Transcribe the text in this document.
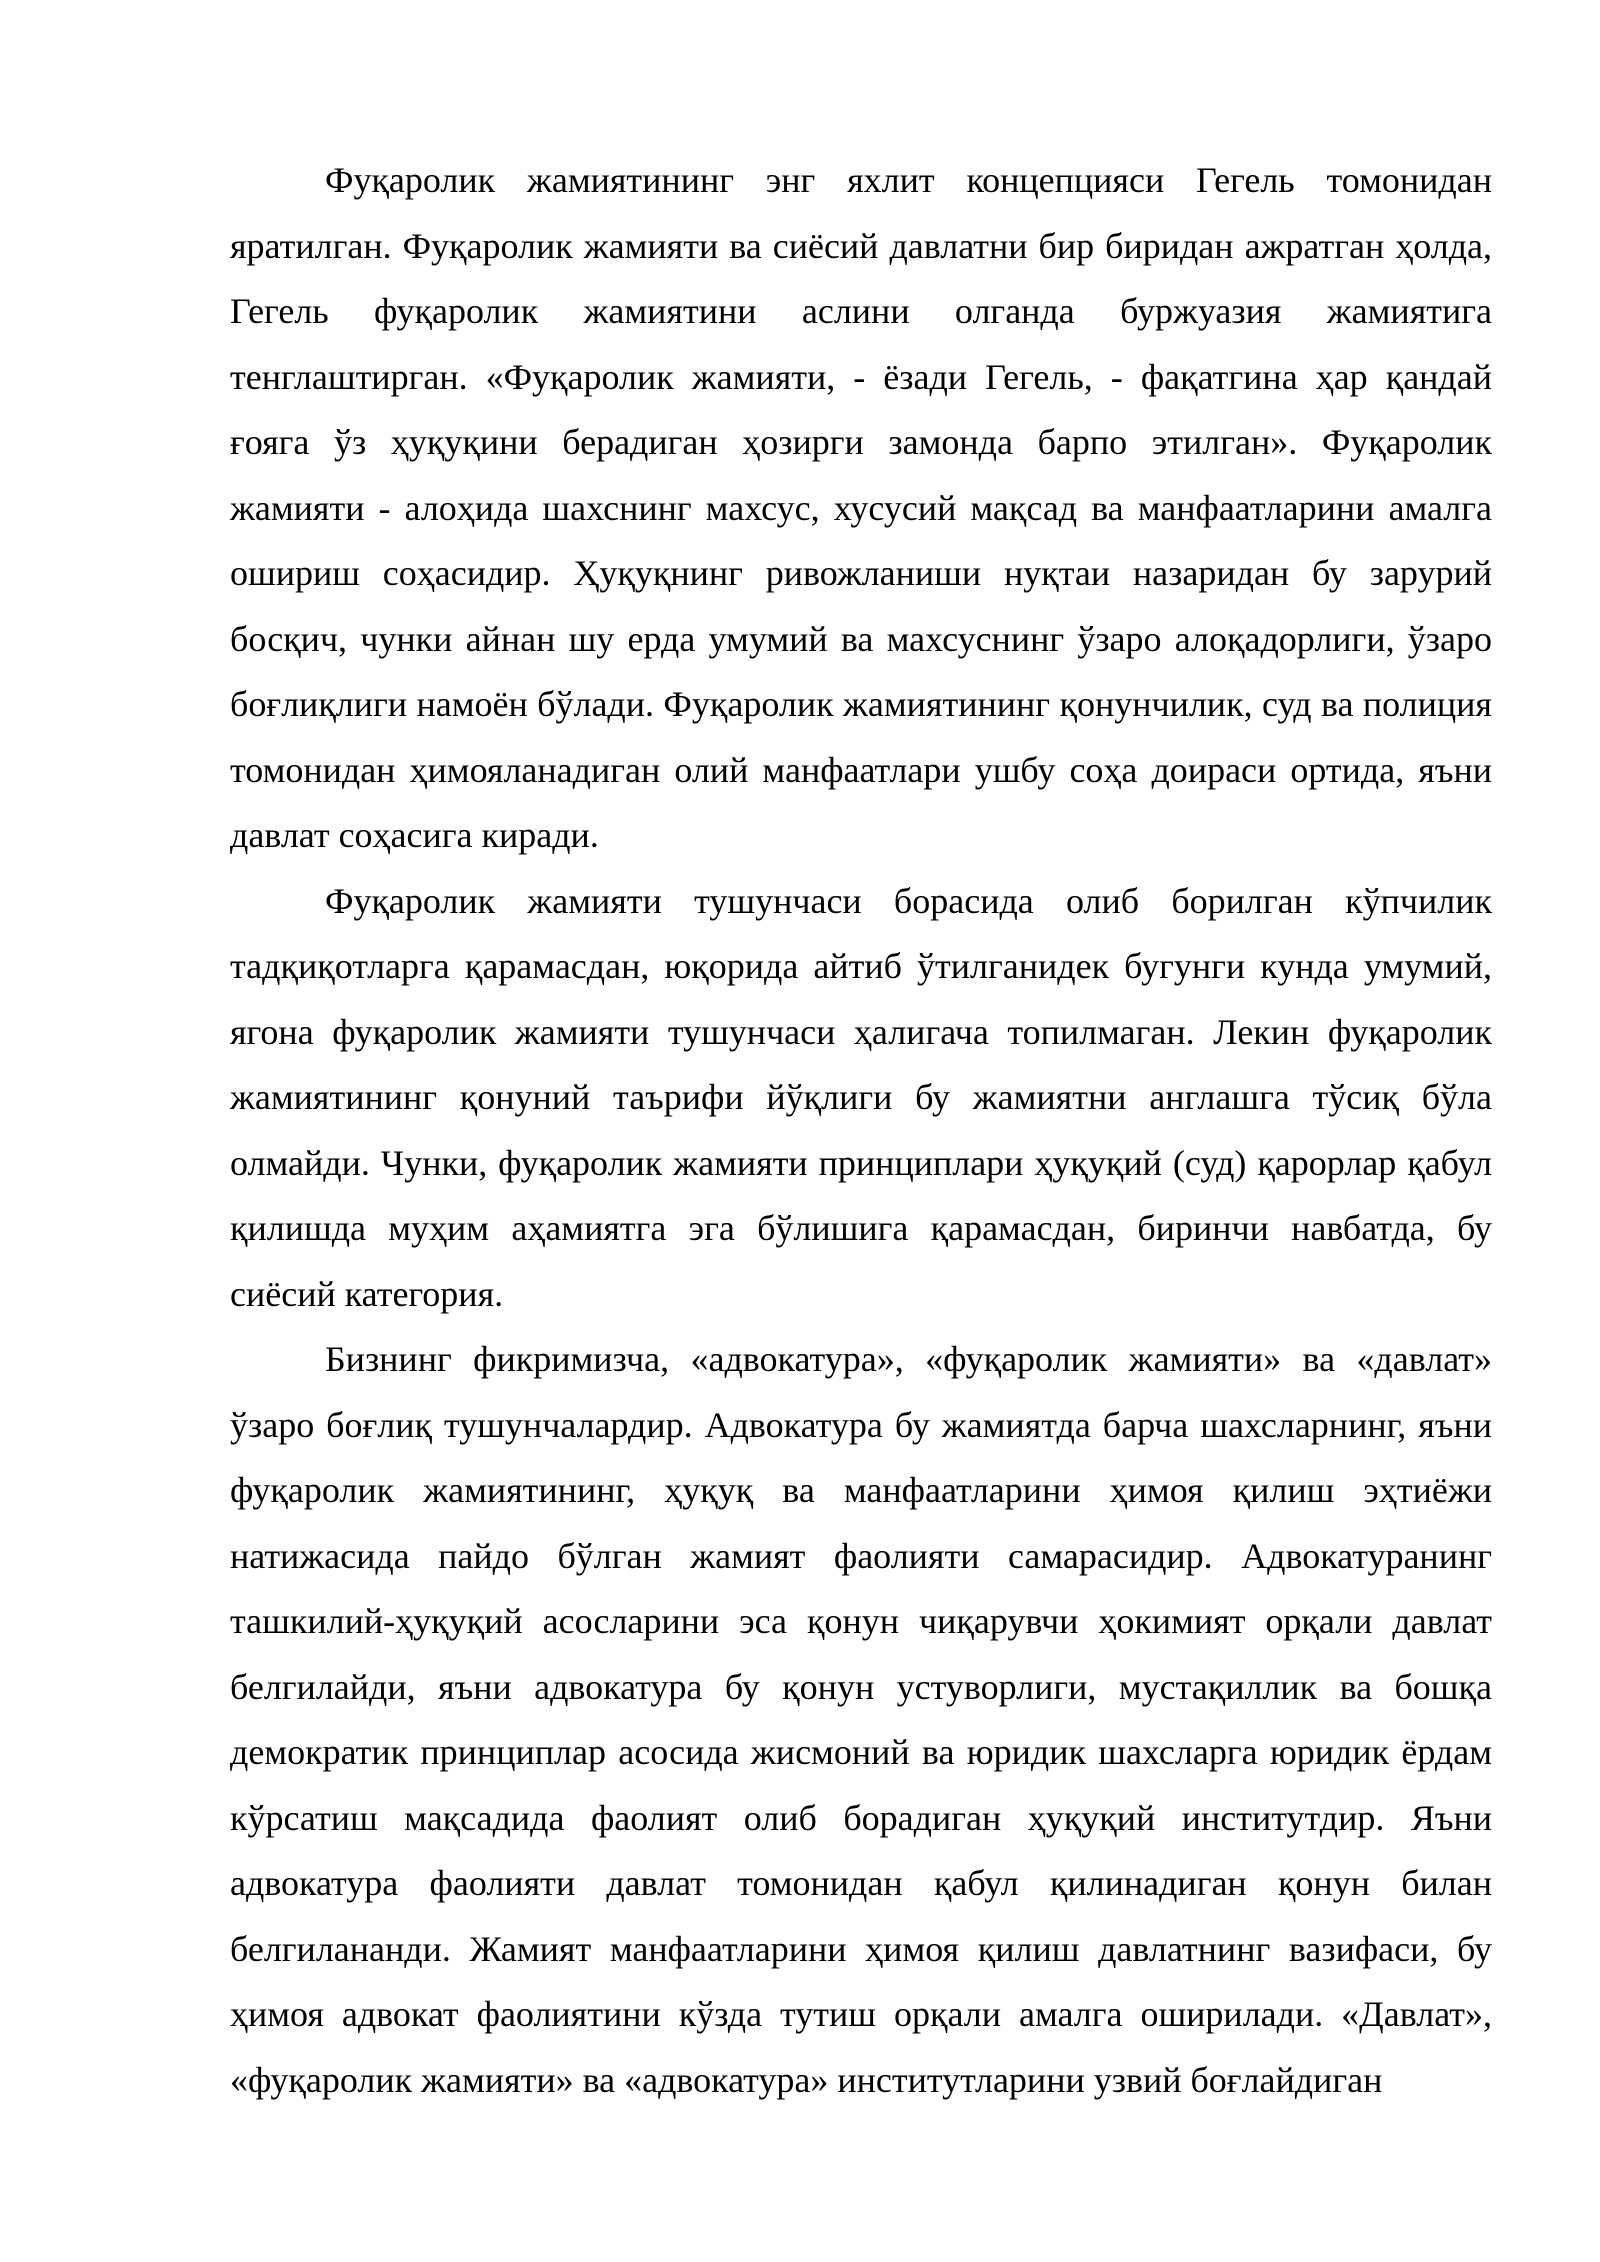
Фуқаролик жамиятининг энг яхлит концепцияси Гегель томонидан яратилган. Фуқаролик жамияти ва сиёсий давлатни бир биридан ажратган ҳолда, Гегель фуқаролик жамиятини аслини олганда буржуазия жамиятига тенглаштирган. «Фуқаролик жамияти, - ёзади Гегель, - фақатгина ҳар қандай ғояга ўз ҳуқуқини берадиган ҳозирги замонда барпо этилган». Фуқаролик жамияти - алоҳида шахснинг махсус, хусусий мақсад ва манфаатларини амалга ошириш соҳасидир. Ҳуқуқнинг ривожланиши нуқтаи назаридан бу зарурий босқич, чунки айнан шу ерда умумий ва махсуснинг ўзаро алоқадорлиги, ўзаро боғлиқлиги намоён бўлади. Фуқаролик жамиятининг қонунчилик, суд ва полиция томонидан ҳимояланадиган олий манфаатлари ушбу соҳа доираси ортида, яъни давлат соҳасига киради.

Фуқаролик жамияти тушунчаси борасида олиб борилган кўпчилик тадқиқотларга қарамасдан, юқорида айтиб ўтилганидек бугунги кунда умумий, ягона фуқаролик жамияти тушунчаси ҳалигача топилмаган. Лекин фуқаролик жамиятининг қонуний таърифи йўқлиги бу жамиятни англашга тўсиқ бўла олмайди. Чунки, фуқаролик жамияти принциплари ҳуқуқий (суд) қарорлар қабул қилишда муҳим аҳамиятга эга бўлишига қарамасдан, биринчи навбатда, бу сиёсий категория.

Бизнинг фикримизча, «адвокатура», «фуқаролик жамияти» ва «давлат» ўзаро боғлиқ тушунчалардир. Адвокатура бу жамиятда барча шахсларнинг, яъни фуқаролик жамиятининг, ҳуқуқ ва манфаатларини ҳимоя қилиш эҳтиёжи натижасида пайдо бўлган жамият фаолияти самарасидир. Адвокатуранинг ташкилий-ҳуқуқий асосларини эса қонун чиқарувчи ҳокимият орқали давлат белгилайди, яъни адвокатура бу қонун устуворлиги, мустақиллик ва бошқа демократик принциплар асосида жисмоний ва юридик шахсларга юридик ёрдам кўрсатиш мақсадида фаолият олиб борадиган ҳуқуқий институтдир. Яъни адвокатура фаолияти давлат томонидан қабул қилинадиган қонун билан белгилананди. Жамият манфаатларини ҳимоя қилиш давлатнинг вазифаси, бу ҳимоя адвокат фаолиятини кўзда тутиш орқали амалга оширилади. «Давлат», «фуқаролик жамияти» ва «адвокатура» институтларини узвий боғлайдиган
